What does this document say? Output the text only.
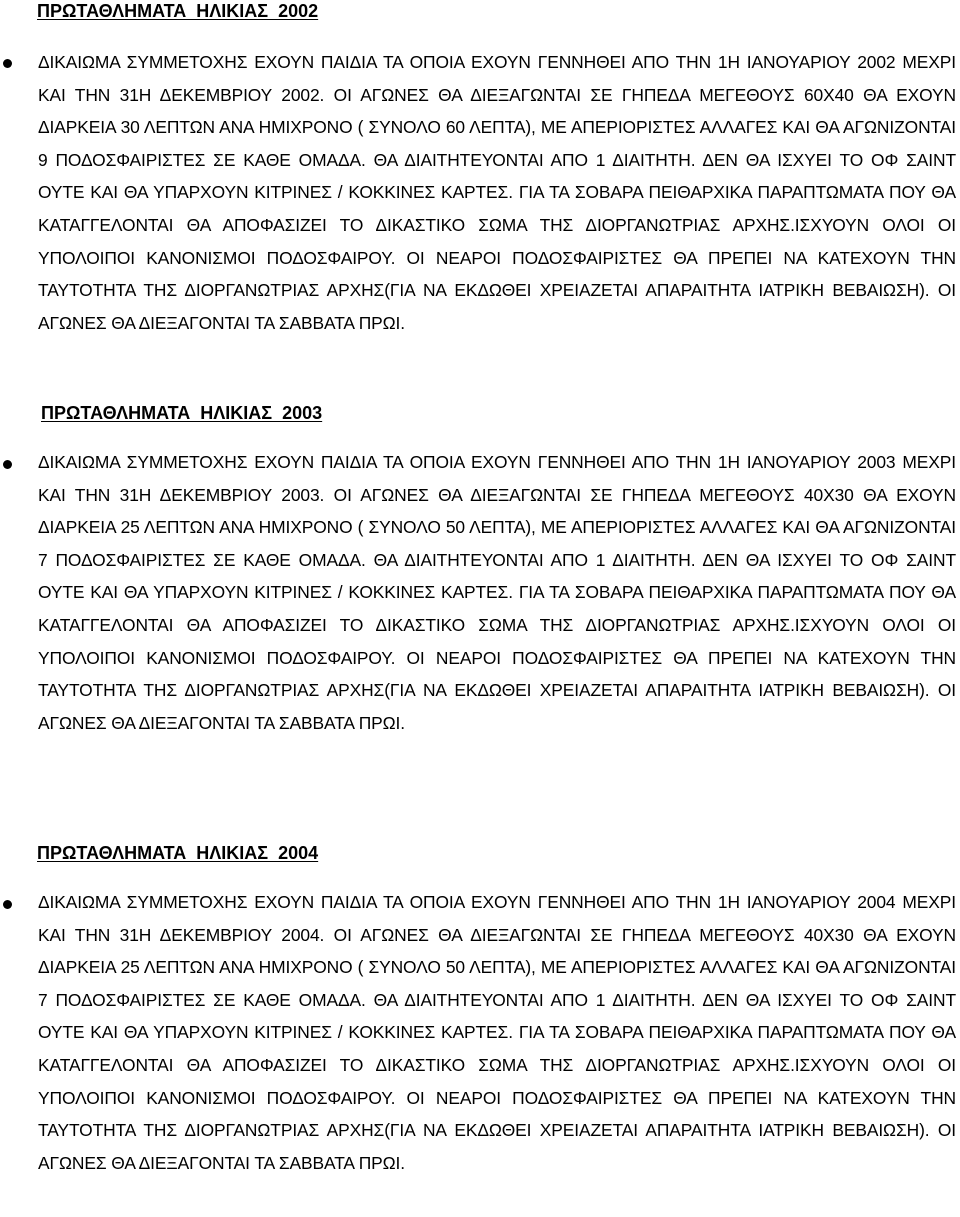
ΠΡΩΤΑΘΛΗΜΑΤΑ  ΗΛΙΚΙΑΣ  2002

ΔΙΚΑΙΩΜΑ ΣΥΜΜΕΤΟΧΗΣ ΕΧΟΥΝ ΠΑΙΔΙΑ ΤΑ ΟΠΟΙΑ ΕΧΟΥΝ ΓΕΝΝΗΘΕΙ ΑΠΟ ΤΗΝ 1Η ΙΑΝΟΥΑΡΙΟΥ 2002 ΜΕΧΡΙ ΚΑΙ ΤΗΝ 31Η ΔΕΚΕΜΒΡΙΟΥ 2002. ΟΙ ΑΓΩΝΕΣ ΘΑ ΔΙΕΞΑΓΩΝΤΑΙ ΣΕ ΓΗΠΕΔΑ ΜΕΓΕΘΟΥΣ 60Χ40 ΘΑ ΕΧΟΥΝ ΔΙΑΡΚΕΙΑ 30 ΛΕΠΤΩΝ ΑΝΑ ΗΜΙΧΡΟΝΟ ( ΣΥΝΟΛΟ 60 ΛΕΠΤΑ), ΜΕ ΑΠΕΡΙΟΡΙΣΤΕΣ ΑΛΛΑΓΕΣ ΚΑΙ ΘΑ ΑΓΩΝΙΖΟΝΤΑΙ 9 ΠΟΔΟΣΦΑΙΡΙΣΤΕΣ ΣΕ ΚΑΘΕ ΟΜΑΔΑ. ΘΑ ΔΙΑΙΤΗΤΕΥΟΝΤΑΙ ΑΠΟ 1 ΔΙΑΙΤΗΤΗ. ΔΕΝ ΘΑ ΙΣΧΥΕΙ ΤΟ ΟΦ ΣΑΙΝΤ ΟΥΤΕ ΚΑΙ ΘΑ ΥΠΑΡΧΟΥΝ ΚΙΤΡΙΝΕΣ / ΚΟΚΚΙΝΕΣ ΚΑΡΤΕΣ. ΓΙΑ ΤΑ ΣΟΒΑΡΑ ΠΕΙΘΑΡΧΙΚΑ ΠΑΡΑΠΤΩΜΑΤΑ ΠΟΥ ΘΑ ΚΑΤΑΓΓΕΛΟΝΤΑΙ ΘΑ ΑΠΟΦΑΣΙΖΕΙ ΤΟ ΔΙΚΑΣΤΙΚΟ ΣΩΜΑ ΤΗΣ ΔΙΟΡΓΑΝΩΤΡΙΑΣ ΑΡΧΗΣ.ΙΣΧΥΟΥΝ ΟΛΟΙ ΟΙ ΥΠΟΛΟΙΠΟΙ ΚΑΝΟΝΙΣΜΟΙ ΠΟΔΟΣΦΑΙΡΟΥ. ΟΙ ΝΕΑΡΟΙ ΠΟΔΟΣΦΑΙΡΙΣΤΕΣ ΘΑ ΠΡΕΠΕΙ ΝΑ ΚΑΤΕΧΟΥΝ ΤΗΝ ΤΑΥΤΟΤΗΤΑ ΤΗΣ ΔΙΟΡΓΑΝΩΤΡΙΑΣ ΑΡΧΗΣ(ΓΙΑ ΝΑ ΕΚΔΩΘΕΙ ΧΡΕΙΑΖΕΤΑΙ ΑΠΑΡΑΙΤΗΤΑ ΙΑΤΡΙΚΗ ΒΕΒΑΙΩΣΗ). ΟΙ ΑΓΩΝΕΣ ΘΑ ΔΙΕΞΑΓΟΝΤΑΙ ΤΑ ΣΑΒΒΑΤΑ ΠΡΩΙ.

ΠΡΩΤΑΘΛΗΜΑΤΑ  ΗΛΙΚΙΑΣ  2003

ΔΙΚΑΙΩΜΑ ΣΥΜΜΕΤΟΧΗΣ ΕΧΟΥΝ ΠΑΙΔΙΑ ΤΑ ΟΠΟΙΑ ΕΧΟΥΝ ΓΕΝΝΗΘΕΙ ΑΠΟ ΤΗΝ 1Η ΙΑΝΟΥΑΡΙΟΥ 2003 ΜΕΧΡΙ ΚΑΙ ΤΗΝ 31Η ΔΕΚΕΜΒΡΙΟΥ 2003. ΟΙ ΑΓΩΝΕΣ ΘΑ ΔΙΕΞΑΓΩΝΤΑΙ ΣΕ ΓΗΠΕΔΑ ΜΕΓΕΘΟΥΣ 40Χ30 ΘΑ ΕΧΟΥΝ ΔΙΑΡΚΕΙΑ 25 ΛΕΠΤΩΝ ΑΝΑ ΗΜΙΧΡΟΝΟ ( ΣΥΝΟΛΟ 50 ΛΕΠΤΑ), ΜΕ ΑΠΕΡΙΟΡΙΣΤΕΣ ΑΛΛΑΓΕΣ ΚΑΙ ΘΑ ΑΓΩΝΙΖΟΝΤΑΙ 7 ΠΟΔΟΣΦΑΙΡΙΣΤΕΣ ΣΕ ΚΑΘΕ ΟΜΑΔΑ. ΘΑ ΔΙΑΙΤΗΤΕΥΟΝΤΑΙ ΑΠΟ 1 ΔΙΑΙΤΗΤΗ. ΔΕΝ ΘΑ ΙΣΧΥΕΙ ΤΟ ΟΦ ΣΑΙΝΤ ΟΥΤΕ ΚΑΙ ΘΑ ΥΠΑΡΧΟΥΝ ΚΙΤΡΙΝΕΣ / ΚΟΚΚΙΝΕΣ ΚΑΡΤΕΣ. ΓΙΑ ΤΑ ΣΟΒΑΡΑ ΠΕΙΘΑΡΧΙΚΑ ΠΑΡΑΠΤΩΜΑΤΑ ΠΟΥ ΘΑ ΚΑΤΑΓΓΕΛΟΝΤΑΙ ΘΑ ΑΠΟΦΑΣΙΖΕΙ ΤΟ ΔΙΚΑΣΤΙΚΟ ΣΩΜΑ ΤΗΣ ΔΙΟΡΓΑΝΩΤΡΙΑΣ ΑΡΧΗΣ.ΙΣΧΥΟΥΝ ΟΛΟΙ ΟΙ ΥΠΟΛΟΙΠΟΙ ΚΑΝΟΝΙΣΜΟΙ ΠΟΔΟΣΦΑΙΡΟΥ. ΟΙ ΝΕΑΡΟΙ ΠΟΔΟΣΦΑΙΡΙΣΤΕΣ ΘΑ ΠΡΕΠΕΙ ΝΑ ΚΑΤΕΧΟΥΝ ΤΗΝ ΤΑΥΤΟΤΗΤΑ ΤΗΣ ΔΙΟΡΓΑΝΩΤΡΙΑΣ ΑΡΧΗΣ(ΓΙΑ ΝΑ ΕΚΔΩΘΕΙ ΧΡΕΙΑΖΕΤΑΙ ΑΠΑΡΑΙΤΗΤΑ ΙΑΤΡΙΚΗ ΒΕΒΑΙΩΣΗ). ΟΙ ΑΓΩΝΕΣ ΘΑ ΔΙΕΞΑΓΟΝΤΑΙ ΤΑ ΣΑΒΒΑΤΑ ΠΡΩΙ.

ΠΡΩΤΑΘΛΗΜΑΤΑ  ΗΛΙΚΙΑΣ  2004

ΔΙΚΑΙΩΜΑ ΣΥΜΜΕΤΟΧΗΣ ΕΧΟΥΝ ΠΑΙΔΙΑ ΤΑ ΟΠΟΙΑ ΕΧΟΥΝ ΓΕΝΝΗΘΕΙ ΑΠΟ ΤΗΝ 1Η ΙΑΝΟΥΑΡΙΟΥ 2004 ΜΕΧΡΙ ΚΑΙ ΤΗΝ 31Η ΔΕΚΕΜΒΡΙΟΥ 2004. ΟΙ ΑΓΩΝΕΣ ΘΑ ΔΙΕΞΑΓΩΝΤΑΙ ΣΕ ΓΗΠΕΔΑ ΜΕΓΕΘΟΥΣ 40Χ30 ΘΑ ΕΧΟΥΝ ΔΙΑΡΚΕΙΑ 25 ΛΕΠΤΩΝ ΑΝΑ ΗΜΙΧΡΟΝΟ ( ΣΥΝΟΛΟ 50 ΛΕΠΤΑ), ΜΕ ΑΠΕΡΙΟΡΙΣΤΕΣ ΑΛΛΑΓΕΣ ΚΑΙ ΘΑ ΑΓΩΝΙΖΟΝΤΑΙ 7 ΠΟΔΟΣΦΑΙΡΙΣΤΕΣ ΣΕ ΚΑΘΕ ΟΜΑΔΑ. ΘΑ ΔΙΑΙΤΗΤΕΥΟΝΤΑΙ ΑΠΟ 1 ΔΙΑΙΤΗΤΗ. ΔΕΝ ΘΑ ΙΣΧΥΕΙ ΤΟ ΟΦ ΣΑΙΝΤ ΟΥΤΕ ΚΑΙ ΘΑ ΥΠΑΡΧΟΥΝ ΚΙΤΡΙΝΕΣ / ΚΟΚΚΙΝΕΣ ΚΑΡΤΕΣ. ΓΙΑ ΤΑ ΣΟΒΑΡΑ ΠΕΙΘΑΡΧΙΚΑ ΠΑΡΑΠΤΩΜΑΤΑ ΠΟΥ ΘΑ ΚΑΤΑΓΓΕΛΟΝΤΑΙ ΘΑ ΑΠΟΦΑΣΙΖΕΙ ΤΟ ΔΙΚΑΣΤΙΚΟ ΣΩΜΑ ΤΗΣ ΔΙΟΡΓΑΝΩΤΡΙΑΣ ΑΡΧΗΣ.ΙΣΧΥΟΥΝ ΟΛΟΙ ΟΙ ΥΠΟΛΟΙΠΟΙ ΚΑΝΟΝΙΣΜΟΙ ΠΟΔΟΣΦΑΙΡΟΥ. ΟΙ ΝΕΑΡΟΙ ΠΟΔΟΣΦΑΙΡΙΣΤΕΣ ΘΑ ΠΡΕΠΕΙ ΝΑ ΚΑΤΕΧΟΥΝ ΤΗΝ ΤΑΥΤΟΤΗΤΑ ΤΗΣ ΔΙΟΡΓΑΝΩΤΡΙΑΣ ΑΡΧΗΣ(ΓΙΑ ΝΑ ΕΚΔΩΘΕΙ ΧΡΕΙΑΖΕΤΑΙ ΑΠΑΡΑΙΤΗΤΑ ΙΑΤΡΙΚΗ ΒΕΒΑΙΩΣΗ). ΟΙ ΑΓΩΝΕΣ ΘΑ ΔΙΕΞΑΓΟΝΤΑΙ ΤΑ ΣΑΒΒΑΤΑ ΠΡΩΙ.
